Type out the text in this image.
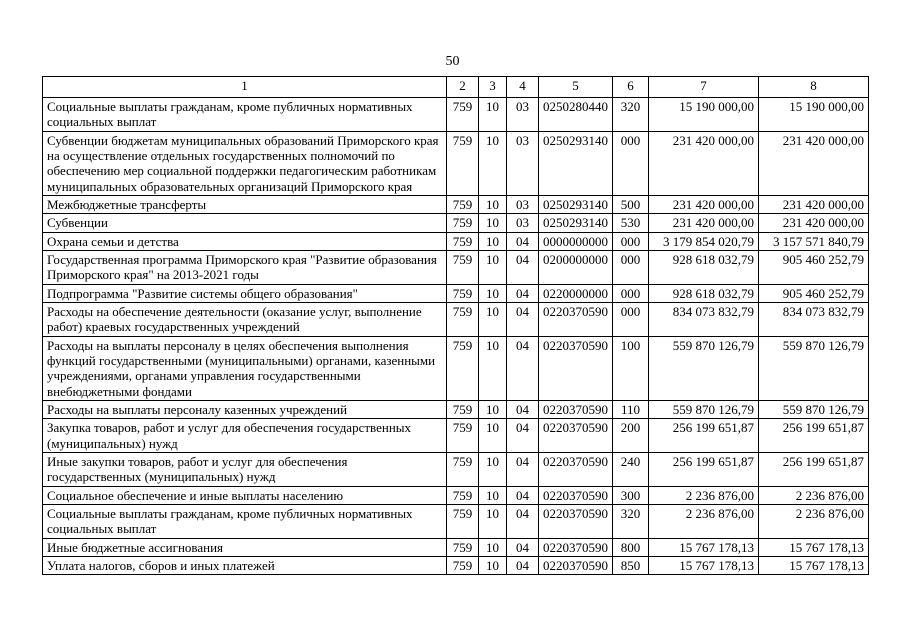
50
1	2	3	4	5	6	7	8
Социальные выплаты гражданам, кроме публичных нормативных социальных выплат	759	10	03	0250280440	320	15 190 000,00	15 190 000,00
Субвенции бюджетам муниципальных образований Приморского края на осуществление отдельных государственных полномочий по обеспечению мер социальной поддержки педагогическим работникам муниципальных образовательных организаций Приморского края	759	10	03	0250293140	000	231 420 000,00	231 420 000,00
Межбюджетные трансферты	759	10	03	0250293140	500	231 420 000,00	231 420 000,00
Субвенции	759	10	03	0250293140	530	231 420 000,00	231 420 000,00
Охрана семьи и детства	759	10	04	0000000000	000	3 179 854 020,79	3 157 571 840,79
Государственная программа Приморского края "Развитие образования Приморского края" на 2013-2021 годы	759	10	04	0200000000	000	928 618 032,79	905 460 252,79
Подпрограмма "Развитие системы общего образования"	759	10	04	0220000000	000	928 618 032,79	905 460 252,79
Расходы на обеспечение деятельности (оказание услуг, выполнение работ) краевых государственных учреждений	759	10	04	0220370590	000	834 073 832,79	834 073 832,79
Расходы на выплаты персоналу в целях обеспечения выполнения функций государственными (муниципальными) органами, казенными учреждениями, органами управления государственными внебюджетными фондами	759	10	04	0220370590	100	559 870 126,79	559 870 126,79
Расходы на выплаты персоналу казенных учреждений	759	10	04	0220370590	110	559 870 126,79	559 870 126,79
Закупка товаров, работ и услуг для обеспечения государственных (муниципальных) нужд	759	10	04	0220370590	200	256 199 651,87	256 199 651,87
Иные закупки товаров, работ и услуг для обеспечения государственных (муниципальных) нужд	759	10	04	0220370590	240	256 199 651,87	256 199 651,87
Социальное обеспечение и иные выплаты населению	759	10	04	0220370590	300	2 236 876,00	2 236 876,00
Социальные выплаты гражданам, кроме публичных нормативных социальных выплат	759	10	04	0220370590	320	2 236 876,00	2 236 876,00
Иные бюджетные ассигнования	759	10	04	0220370590	800	15 767 178,13	15 767 178,13
Уплата налогов, сборов и иных платежей	759	10	04	0220370590	850	15 767 178,13	15 767 178,13
